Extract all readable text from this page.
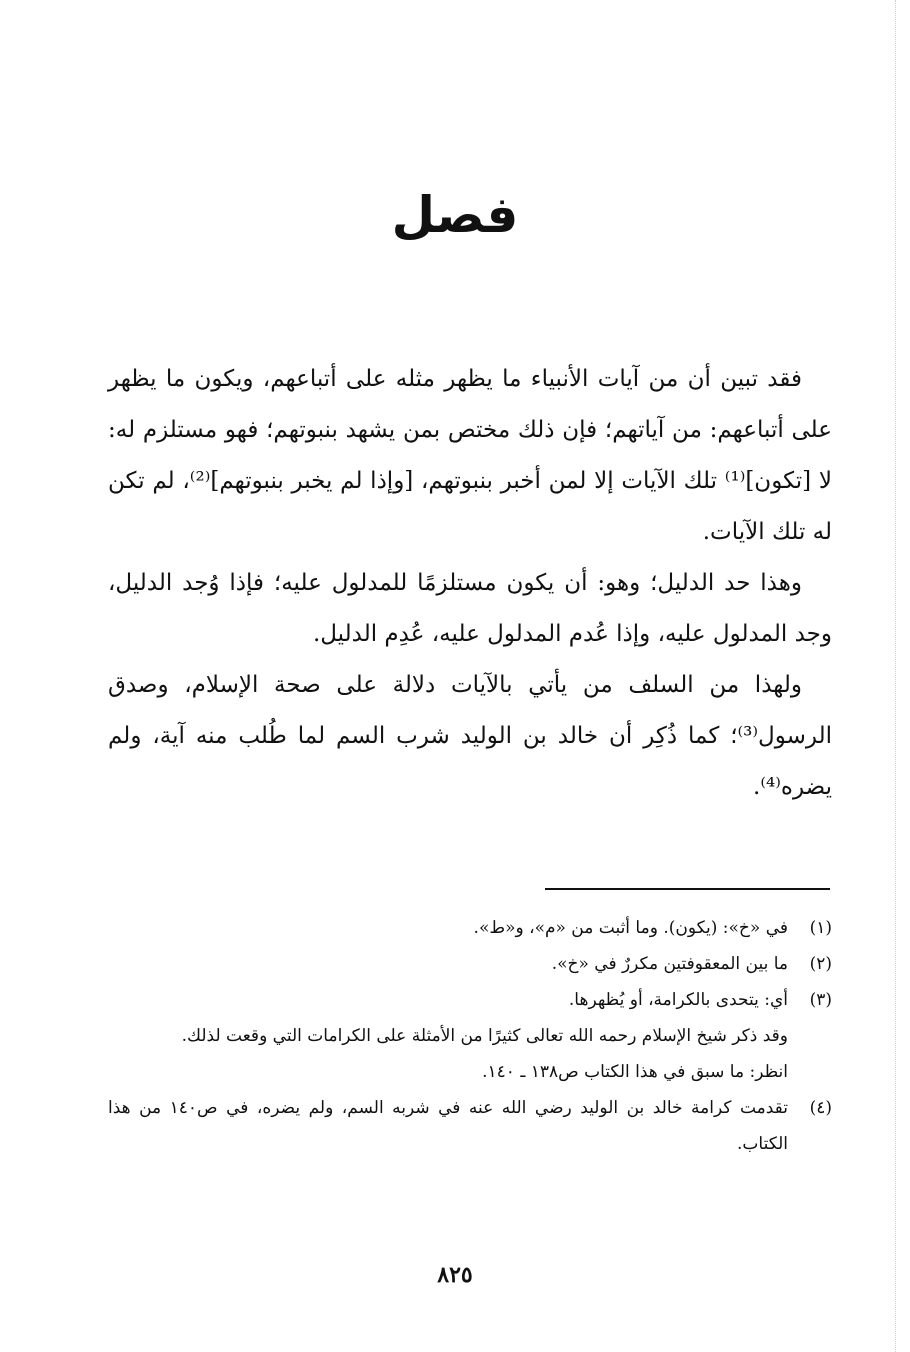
فصل

فقد تبين أن من آيات الأنبياء ما يظهر مثله على أتباعهم، ويكون ما يظهر على أتباعهم: من آياتهم؛ فإن ذلك مختص بمن يشهد بنبوتهم؛ فهو مستلزم له: لا [تكون]⁽¹⁾ تلك الآيات إلا لمن أخبر بنبوتهم، [وإذا لم يخبر بنبوتهم]⁽²⁾، لم تكن له تلك الآيات.

وهذا حد الدليل؛ وهو: أن يكون مستلزمًا للمدلول عليه؛ فإذا وُجد الدليل، وجد المدلول عليه، وإذا عُدم المدلول عليه، عُدِم الدليل.

ولهذا من السلف من يأتي بالآيات دلالة على صحة الإسلام، وصدق الرسول⁽³⁾؛ كما ذُكِر أن خالد بن الوليد شرب السم لما طُلب منه آية، ولم يضره⁽⁴⁾.

(١)
في «خ»: (يكون). وما أثبت من «م»، و«ط».
(٢)
ما بين المعقوفتين مكررٌ في «خ».
(٣)
أي: يتحدى بالكرامة، أو يُظهرها.
وقد ذكر شيخ الإسلام رحمه الله تعالى كثيرًا من الأمثلة على الكرامات التي وقعت لذلك.
انظر: ما سبق في هذا الكتاب ص١٣٨ ـ ١٤٠.
(٤)
تقدمت كرامة خالد بن الوليد رضي الله عنه في شربه السم، ولم يضره، في ص١٤٠ من هذا الكتاب.
٨٢٥
